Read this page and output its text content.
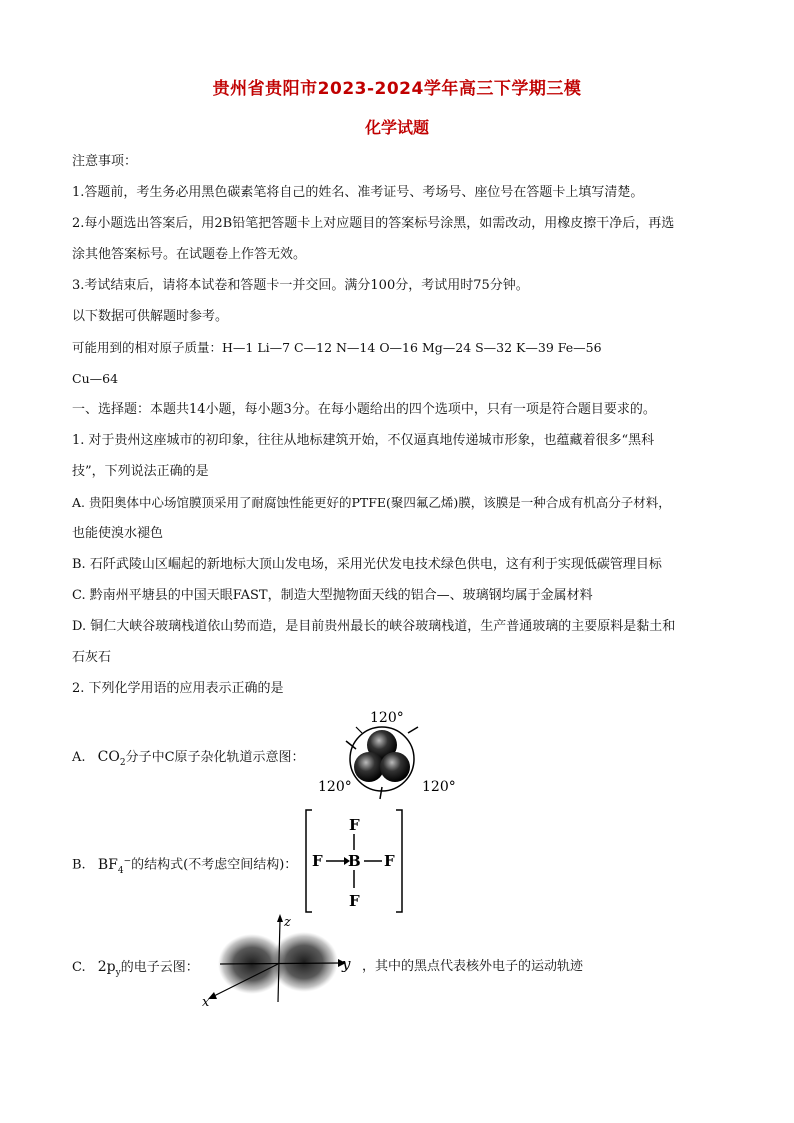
贵州省贵阳市2023-2024学年高三下学期三模
化学试题
注意事项：
1.答题前，考生务必用黑色碳素笔将自己的姓名、准考证号、考场号、座位号在答题卡上填写清楚。
2.每小题选出答案后，用2B铅笔把答题卡上对应题目的答案标号涂黑，如需改动，用橡皮擦干净后，再选
涂其他答案标号。在试题卷上作答无效。
3.考试结束后，请将本试卷和答题卡一并交回。满分100分，考试用时75分钟。
以下数据可供解题时参考。
可能用到的相对原子质量：H—1 Li—7 C—12 N—14 O—16 Mg—24 S—32 K—39 Fe—56
Cu—64
一、选择题：本题共14小题，每小题3分。在每小题给出的四个选项中，只有一项是符合题目要求的。
1. 对于贵州这座城市的初印象，往往从地标建筑开始，不仅逼真地传递城市形象，也蕴藏着很多“黑科
技”，下列说法正确的是
A. 贵阳奥体中心场馆膜顶采用了耐腐蚀性能更好的PTFE(聚四氟乙烯)膜，该膜是一种合成有机高分子材料，
也能使溴水褪色
B. 石阡武陵山区崛起的新地标大顶山发电场，采用光伏发电技术绿色供电，这有利于实现低碳管理目标
C. 黔南州平塘县的中国天眼FAST，制造大型抛物面天线的铝合—、玻璃钢均属于金属材料
D. 铜仁大峡谷玻璃栈道依山势而造，是目前贵州最长的峡谷玻璃栈道，生产普通玻璃的主要原料是黏土和
石灰石
2. 下列化学用语的应用表示正确的是
A. $CO_2$分子中C原子杂化轨道示意图：
120°
120°	120°
B. $BF_4^-$的结构式(不考虑空间结构)：
F
F B F
F
C. $2p_y$的电子云图：
z
y
x
，其中的黑点代表核外电子的运动轨迹
